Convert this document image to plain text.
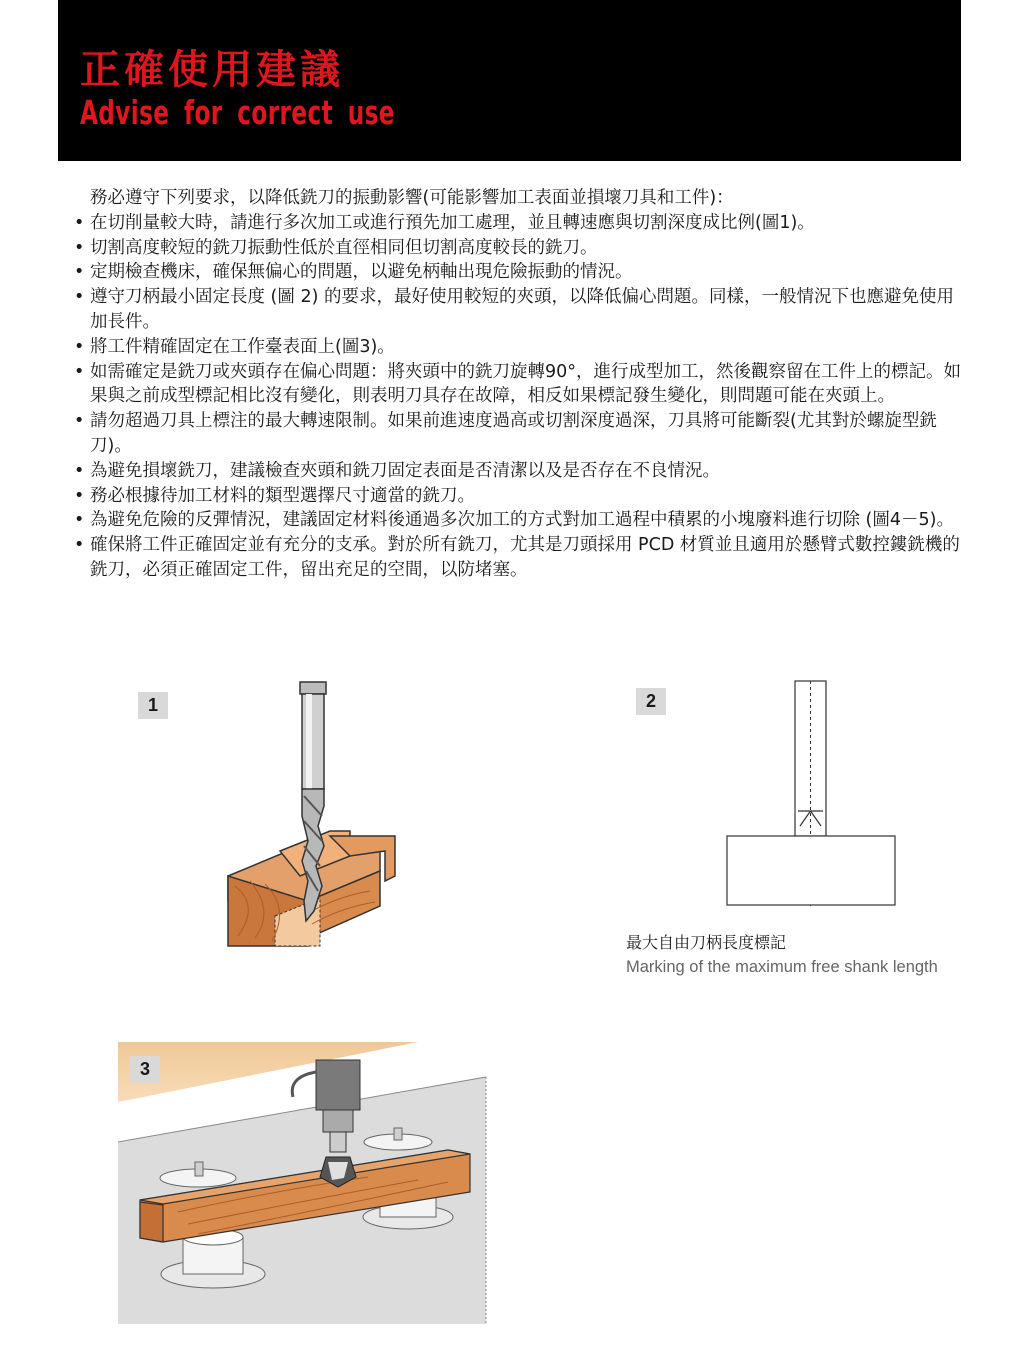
正確使用建議
Advise for correct use
務必遵守下列要求，以降低銑刀的振動影響(可能影響加工表面並損壞刀具和工件)：
• 在切削量較大時，請進行多次加工或進行預先加工處理，並且轉速應與切割深度成比例(圖1)。
• 切割高度較短的銑刀振動性低於直徑相同但切割高度較長的銑刀。
• 定期檢查機床，確保無偏心的問題，以避免柄軸出現危險振動的情況。
• 遵守刀柄最小固定長度 (圖 2) 的要求，最好使用較短的夾頭，以降低偏心問題。同樣，一般情況下也應避免使用加長件。
• 將工件精確固定在工作臺表面上(圖3)。
• 如需確定是銑刀或夾頭存在偏心問題：將夾頭中的銑刀旋轉90°，進行成型加工，然後觀察留在工件上的標記。如果與之前成型標記相比沒有變化，則表明刀具存在故障，相反如果標記發生變化，則問題可能在夾頭上。
• 請勿超過刀具上標注的最大轉速限制。如果前進速度過高或切割深度過深，刀具將可能斷裂(尤其對於螺旋型銑刀)。
• 為避免損壞銑刀，建議檢查夾頭和銑刀固定表面是否清潔以及是否存在不良情況。
• 務必根據待加工材料的類型選擇尺寸適當的銑刀。
• 為避免危險的反彈情況，建議固定材料後通過多次加工的方式對加工過程中積累的小塊廢料進行切除 (圖4－5)。
• 確保將工件正確固定並有充分的支承。對於所有銑刀，尤其是刀頭採用 PCD 材質並且適用於懸臂式數控鏤銑機的銑刀，必須正確固定工件，留出充足的空間，以防堵塞。
1	2
最大自由刀柄長度標記
Marking of the maximum free shank length
3
